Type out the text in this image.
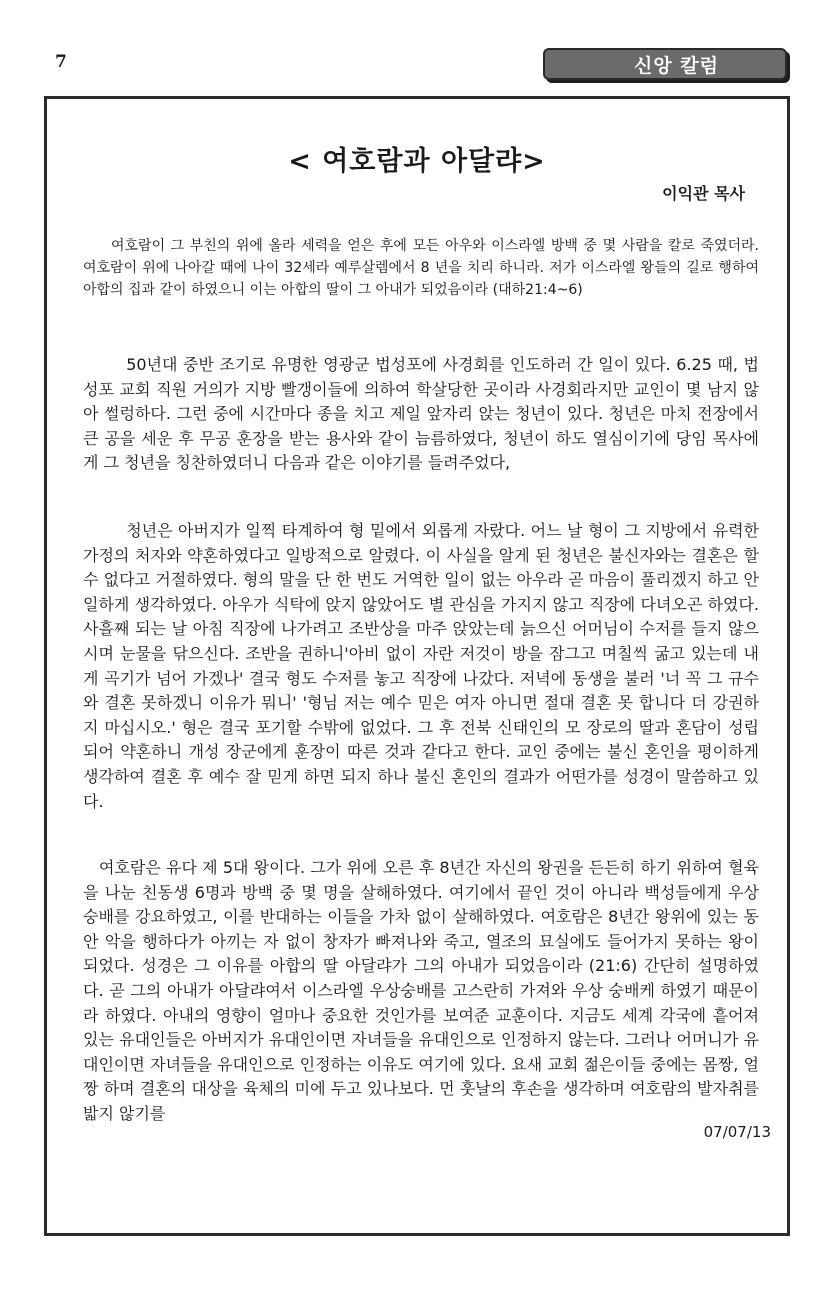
7	신앙 칼럼
< 여호람과 아달랴>
이익관 목사

여호람이 그 부친의 위에 올라 세력을 얻은 후에 모든 아우와 이스라엘 방백 중 몇 사람을 칼로 죽였더라. 여호람이 위에 나아갈 때에 나이 32세라 예루살렘에서 8 년을 치리 하니라. 저가 이스라엘 왕들의 길로 행하여 아합의 집과 같이 하였으니 이는 아합의 딸이 그 아내가 되었음이라 (대하21:4~6)

50년대 중반 조기로 유명한 영광군 법성포에 사경회를 인도하러 간 일이 있다. 6.25 때, 법성포 교회 직원 거의가 지방 빨갱이들에 의하여 학살당한 곳이라 사경회라지만 교인이 몇 남지 않아 썰렁하다. 그런 중에 시간마다 종을 치고 제일 앞자리 앉는 청년이 있다. 청년은 마치 전장에서 큰 공을 세운 후 무공 훈장을 받는 용사와 같이 늠름하였다, 청년이 하도 열심이기에 당임 목사에게 그 청년을 칭찬하였더니 다음과 같은 이야기를 들려주었다,

청년은 아버지가 일찍 타계하여 형 밑에서 외롭게 자랐다. 어느 날 형이 그 지방에서 유력한 가정의 처자와 약혼하였다고 일방적으로 알렸다. 이 사실을 알게 된 청년은 불신자와는 결혼은 할 수 없다고 거절하였다. 형의 말을 단 한 번도 거역한 일이 없는 아우라 곧 마음이 풀리겠지 하고 안일하게 생각하였다. 아우가 식탁에 앉지 않았어도 별 관심을 가지지 않고 직장에 다녀오곤 하였다. 사흘째 되는 날 아침 직장에 나가려고 조반상을 마주 앉았는데 늙으신 어머님이 수저를 들지 않으시며 눈물을 닦으신다. 조반을 권하니'아비 없이 자란 저것이 방을 잠그고 며칠씩 굶고 있는데 내게 곡기가 넘어 가겠나' 결국 형도 수저를 놓고 직장에 나갔다. 저녁에 동생을 불러 '너 꼭 그 규수와 결혼 못하겠니 이유가 뭐니' '형님 저는 예수 믿은 여자 아니면 절대 결혼 못 합니다 더 강권하지 마십시오.' 형은 결국 포기할 수밖에 없었다. 그 후 전북 신태인의 모 장로의 딸과 혼담이 성립되어 약혼하니 개성 장군에게 훈장이 따른 것과 같다고 한다. 교인 중에는 불신 혼인을 평이하게 생각하여 결혼 후 예수 잘 믿게 하면 되지 하나 불신 혼인의 결과가 어떤가를 성경이 말씀하고 있다.

여호람은 유다 제 5대 왕이다. 그가 위에 오른 후 8년간 자신의 왕권을 든든히 하기 위하여 혈육을 나눈 친동생 6명과 방백 중 몇 명을 살해하였다. 여기에서 끝인 것이 아니라 백성들에게 우상 숭배를 강요하였고, 이를 반대하는 이들을 가차 없이 살해하였다. 여호람은 8년간 왕위에 있는 동안 악을 행하다가 아끼는 자 없이 창자가 빠져나와 죽고, 열조의 묘실에도 들어가지 못하는 왕이 되었다. 성경은 그 이유를 아합의 딸 아달랴가 그의 아내가 되었음이라 (21:6) 간단히 설명하였다. 곧 그의 아내가 아달랴여서 이스라엘 우상숭배를 고스란히 가져와 우상 숭배케 하였기 때문이라 하였다. 아내의 영향이 얼마나 중요한 것인가를 보여준 교훈이다. 지금도 세계 각국에 흩어져 있는 유대인들은 아버지가 유대인이면 자녀들을 유대인으로 인정하지 않는다. 그러나 어머니가 유대인이면 자녀들을 유대인으로 인정하는 이유도 여기에 있다. 요새 교회 젊은이들 중에는 몸짱, 얼짱 하며 결혼의 대상을 육체의 미에 두고 있나보다. 먼 훗날의 후손을 생각하며 여호람의 발자취를 밟지 않기를

07/07/13
